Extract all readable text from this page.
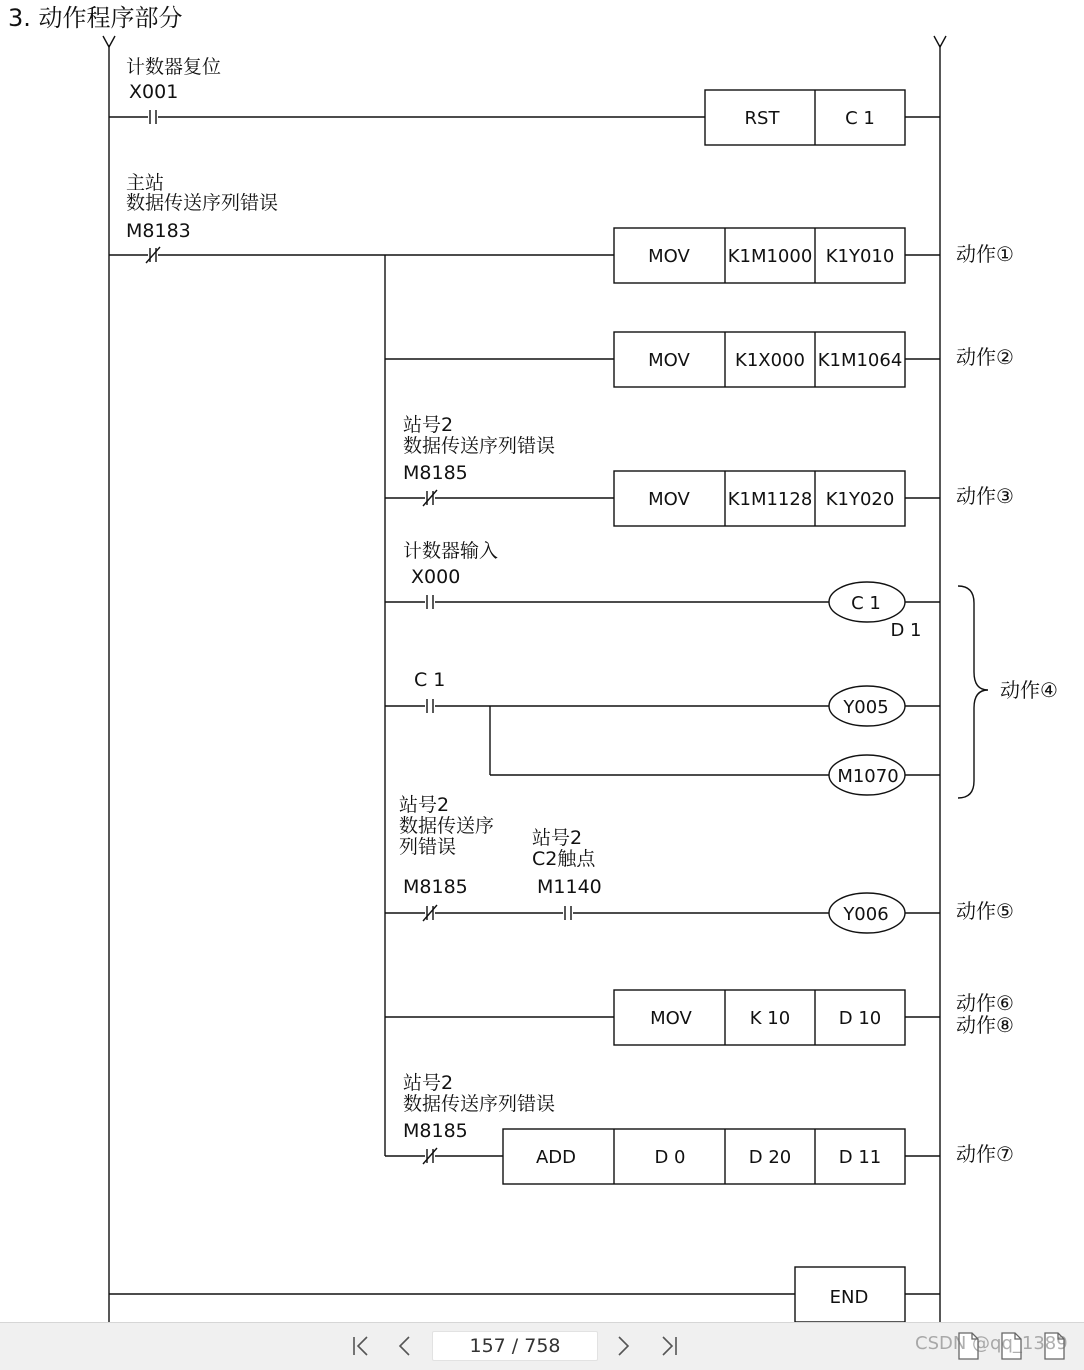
3. 动作程序部分
计数器复位
X001
RST	C 1
主站
数据传送序列错误
M8183
MOV K1M1000 K1Y010	动作①
MOV	K1X000 K1M1064	动作②
站号2
数据传送序列错误
M8185
MOV K1M1128 K1Y020	动作③
计数器输入
X000
C 1
D 1
C 1
Y005
M1070
动作④
站号2
数据传送序
列错误	站号2
C2触点
M8185	M1140
Y006	动作⑤
MOV	K 10	D 10
动作⑥
动作⑧
站号2
数据传送序列错误
M8185
ADD	D 0	D 20	D 11	动作⑦
END
157 / 758	CSDN @qq_1389
